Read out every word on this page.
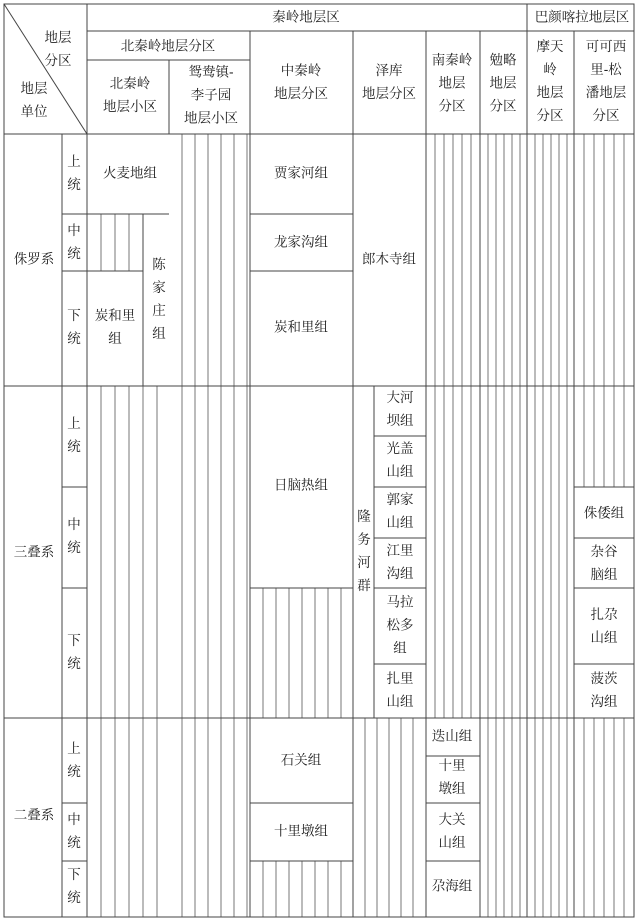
地层
分区
地层
单位
秦岭地层区	巴颜喀拉地层区
北秦岭地层分区
北秦岭
地层小区
鸳鸯镇-
李子园
地层小区
中秦岭
地层分区
泽库
地层分区
南秦岭
地层
分区
勉略
地层
分区
摩天
岭
地层
分区
可可西
里-松
潘地层
分区
侏罗系
三叠系
二叠系
上
统
中
统
下
统
上
统
中
统
下
统
上
统
中
统
下
统
火麦地组
炭和里
组
陈
家
庄
组
贾家河组
龙家沟组
炭和里组
日脑热组
石关组
十里墩组
郎木寺组
隆
务
河
群
大河
坝组
光盖
山组
郭家
山组
江里
沟组
马拉
松多
组
扎里
山组
迭山组
十里
墩组
大关
山组
尕海组
侏倭组
杂谷
脑组
扎尕
山组
菠茨
沟组
